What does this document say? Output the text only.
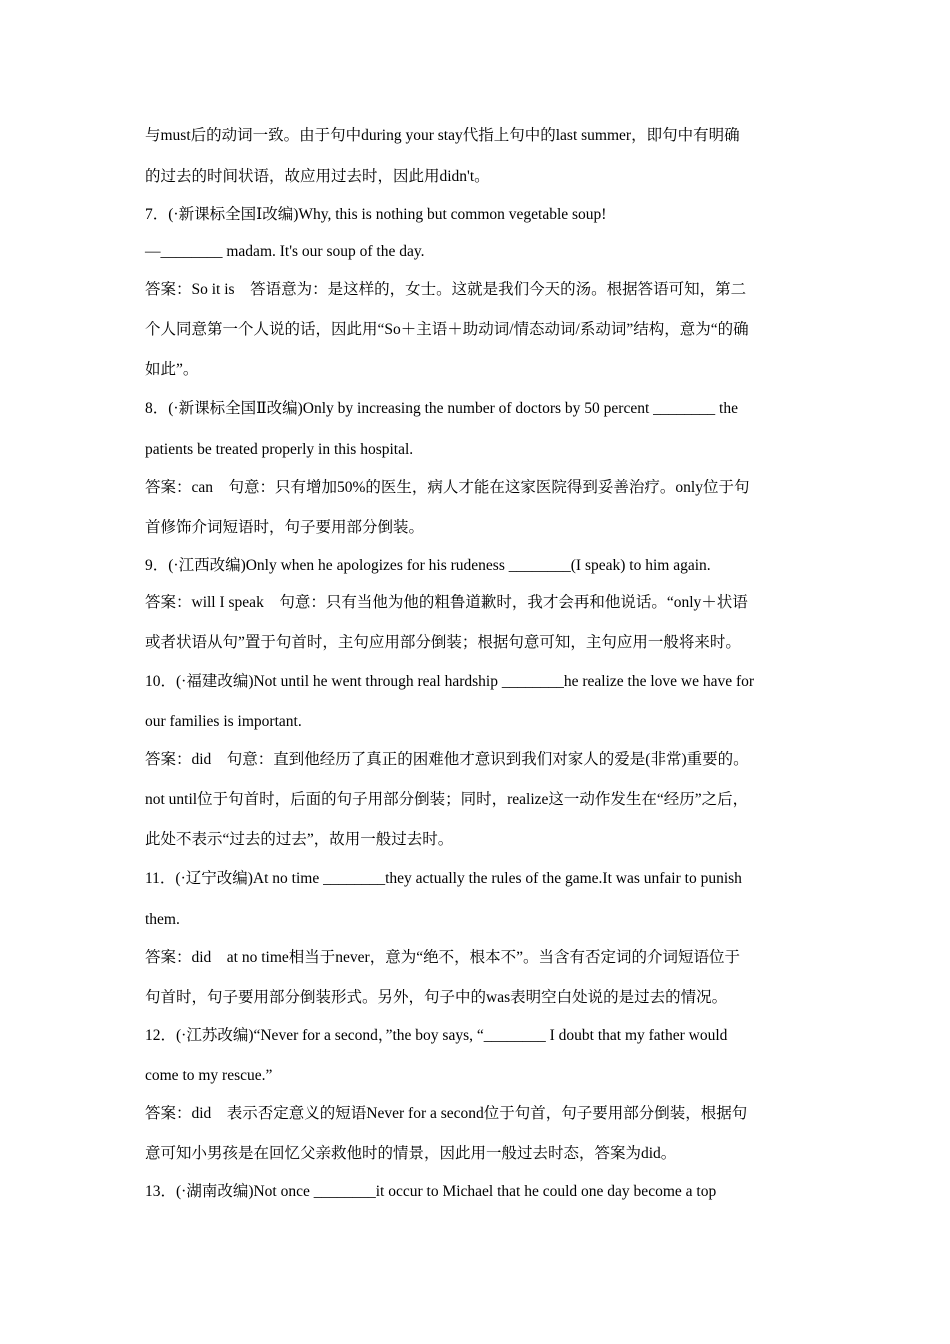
与must后的动词一致。由于句中during your stay代指上句中的last summer，即句中有明确
的过去的时间状语，故应用过去时，因此用didn't。
7．(·新课标全国Ⅰ改编)Why, this is nothing but common vegetable soup!
—________ madam. It's our soup of the day.
答案：So it is　答语意为：是这样的，女士。这就是我们今天的汤。根据答语可知，第二
个人同意第一个人说的话，因此用“So＋主语＋助动词/情态动词/系动词”结构，意为“的确
如此”。
8．(·新课标全国Ⅱ改编)Only by increasing the number of doctors by 50 percent ________ the
patients be treated properly in this hospital.
答案：can　句意：只有增加50%的医生，病人才能在这家医院得到妥善治疗。only位于句
首修饰介词短语时，句子要用部分倒装。
9．(·江西改编)Only when he apologizes for his rudeness ________(I speak) to him again.
答案：will I speak　句意：只有当他为他的粗鲁道歉时，我才会再和他说话。“only＋状语
或者状语从句”置于句首时，主句应用部分倒装；根据句意可知，主句应用一般将来时。
10．(·福建改编)Not until he went through real hardship ________he realize the love we have for
our families is important.
答案：did　句意：直到他经历了真正的困难他才意识到我们对家人的爱是(非常)重要的。
not until位于句首时，后面的句子用部分倒装；同时，realize这一动作发生在“经历”之后，
此处不表示“过去的过去”，故用一般过去时。
11．(·辽宁改编)At no time ________they actually the rules of the game.It was unfair to punish
them.
答案：did　at no time相当于never，意为“绝不，根本不”。当含有否定词的介词短语位于
句首时，句子要用部分倒装形式。另外，句子中的was表明空白处说的是过去的情况。
12．(·江苏改编)“Never for a second，”the boy says, “________ I doubt that my father would
come to my rescue.”
答案：did　表示否定意义的短语Never for a second位于句首，句子要用部分倒装，根据句
意可知小男孩是在回忆父亲救他时的情景，因此用一般过去时态，答案为did。
13．(·湖南改编)Not once ________it occur to Michael that he could one day become a top
